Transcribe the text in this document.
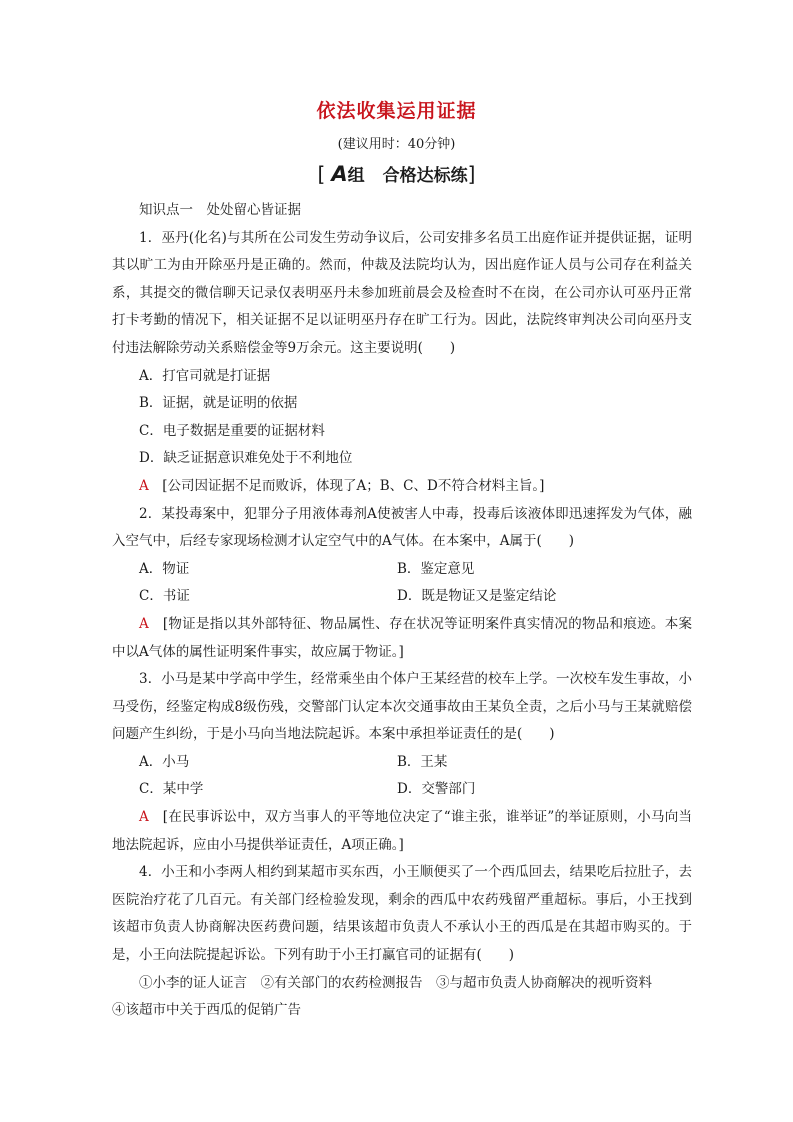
依法收集运用证据
(建议用时：40分钟)
[ A组 合格达标练]

知识点一 处处留心皆证据

1．巫丹(化名)与其所在公司发生劳动争议后，公司安排多名员工出庭作证并提供证据，证明其以旷工为由开除巫丹是正确的。然而，仲裁及法院均认为，因出庭作证人员与公司存在利益关系，其提交的微信聊天记录仅表明巫丹未参加班前晨会及检查时不在岗，在公司亦认可巫丹正常打卡考勤的情况下，相关证据不足以证明巫丹存在旷工行为。因此，法院终审判决公司向巫丹支付违法解除劳动关系赔偿金等9万余元。这主要说明(　　)

A．打官司就是打证据

B．证据，就是证明的依据

C．电子数据是重要的证据材料

D．缺乏证据意识难免处于不利地位

A　 [公司因证据不足而败诉，体现了A；B、C、D不符合材料主旨。]

2．某投毒案中，犯罪分子用液体毒剂A使被害人中毒，投毒后该液体即迅速挥发为气体，融入空气中，后经专家现场检测才认定空气中的A气体。在本案中，A属于(　　)

A．物证	B．鉴定意见
C．书证	D．既是物证又是鉴定结论

A　 [物证是指以其外部特征、物品属性、存在状况等证明案件真实情况的物品和痕迹。本案中以A气体的属性证明案件事实，故应属于物证。]

3．小马是某中学高中学生，经常乘坐由个体户王某经营的校车上学。一次校车发生事故，小马受伤，经鉴定构成8级伤残，交警部门认定本次交通事故由王某负全责，之后小马与王某就赔偿问题产生纠纷，于是小马向当地法院起诉。本案中承担举证责任的是(　　)

A．小马	B．王某
C．某中学	D．交警部门

A　 [在民事诉讼中，双方当事人的平等地位决定了“谁主张，谁举证”的举证原则，小马向当地法院起诉，应由小马提供举证责任，A项正确。]

4．小王和小李两人相约到某超市买东西，小王顺便买了一个西瓜回去，结果吃后拉肚子，去医院治疗花了几百元。有关部门经检验发现，剩余的西瓜中农药残留严重超标。事后，小王找到该超市负责人协商解决医药费问题，结果该超市负责人不承认小王的西瓜是在其超市购买的。于是，小王向法院提起诉讼。下列有助于小王打赢官司的证据有(　　)

①小李的证人证言　 ②有关部门的农药检测报告　 ③与超市负责人协商解决的视听资料

④该超市中关于西瓜的促销广告
